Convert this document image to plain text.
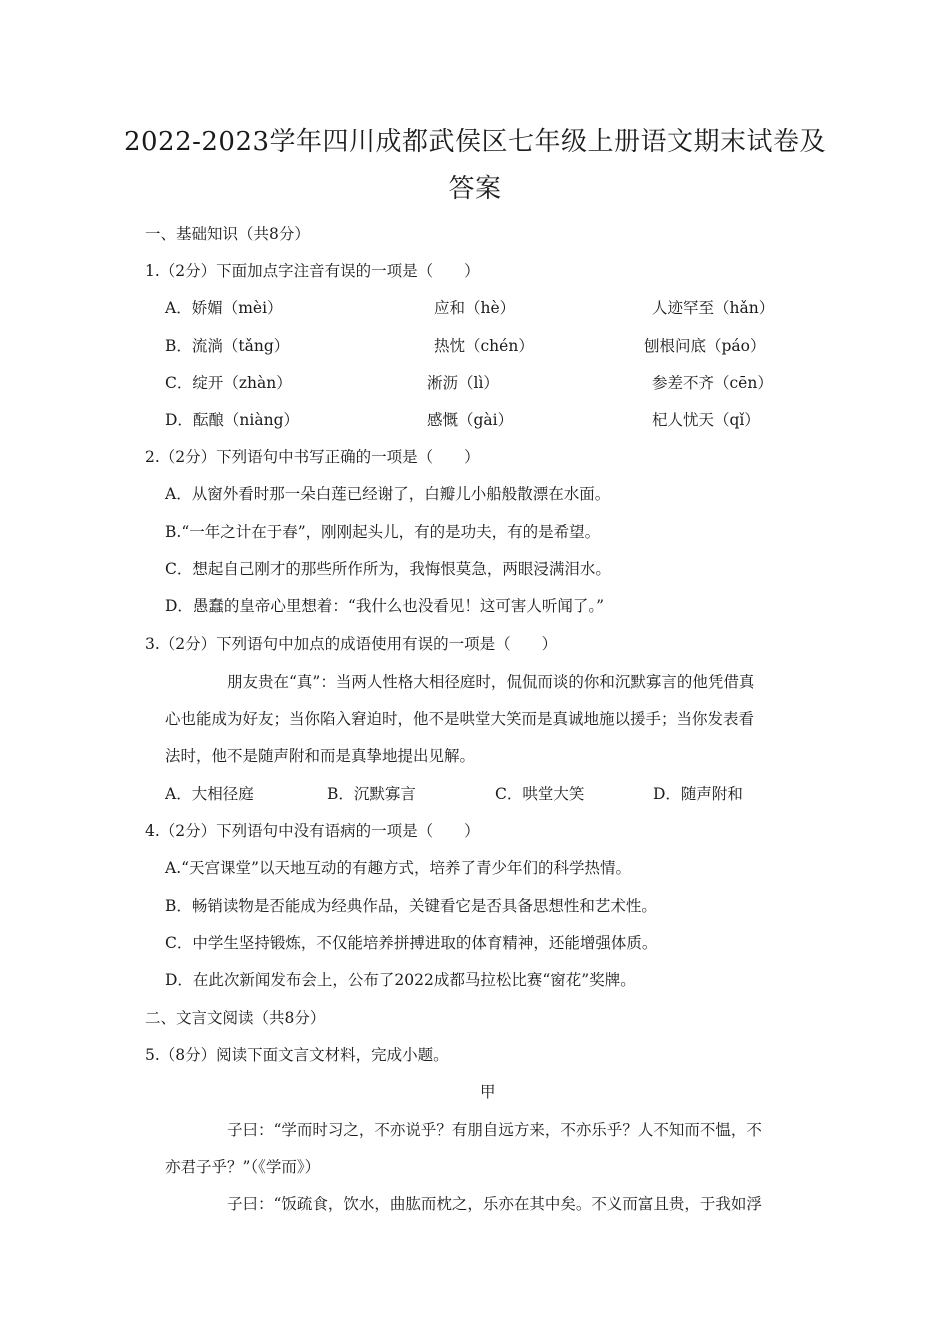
2022-2023学年四川成都武侯区七年级上册语文期末试卷及
答案
一、基础知识（共8分）
1.（2分）下面加点字注音有误的一项是（　　）
A．娇媚（mèi）	应和（hè）	人迹罕至（hǎn）
B．流淌（tǎng）	热忱（chén）	刨根问底（páo）
C．绽开（zhàn）	淅沥（lì）	参差不齐（cēn）
D．酝酿（niàng）	感慨（gài）	杞人忧天（qǐ）
2.（2分）下列语句中书写正确的一项是（　　）
A．从窗外看时那一朵白莲已经谢了，白瓣儿小船般散漂在水面。
B.“一年之计在于春”，刚刚起头儿，有的是功夫，有的是希望。
C．想起自己刚才的那些所作所为，我悔恨莫急，两眼浸满泪水。
D．愚蠢的皇帝心里想着：“我什么也没看见！这可害人听闻了。”
3.（2分）下列语句中加点的成语使用有误的一项是（　　）
朋友贵在“真”：当两人性格大相径庭时，侃侃而谈的你和沉默寡言的他凭借真
心也能成为好友；当你陷入窘迫时，他不是哄堂大笑而是真诚地施以援手；当你发表看
法时，他不是随声附和而是真挚地提出见解。
A．大相径庭	B．沉默寡言	C．哄堂大笑	D．随声附和
4.（2分）下列语句中没有语病的一项是（　　）
A.“天宫课堂”以天地互动的有趣方式，培养了青少年们的科学热情。
B．畅销读物是否能成为经典作品，关键看它是否具备思想性和艺术性。
C．中学生坚持锻炼，不仅能培养拼搏进取的体育精神，还能增强体质。
D．在此次新闻发布会上，公布了2022成都马拉松比赛“窗花”奖牌。
二、文言文阅读（共8分）
5.（8分）阅读下面文言文材料，完成小题。
甲
子曰：“学而时习之，不亦说乎？有朋自远方来，不亦乐乎？人不知而不愠，不
亦君子乎？”（《学而》）
子曰：“饭疏食，饮水，曲肱而枕之，乐亦在其中矣。不义而富且贵，于我如浮
